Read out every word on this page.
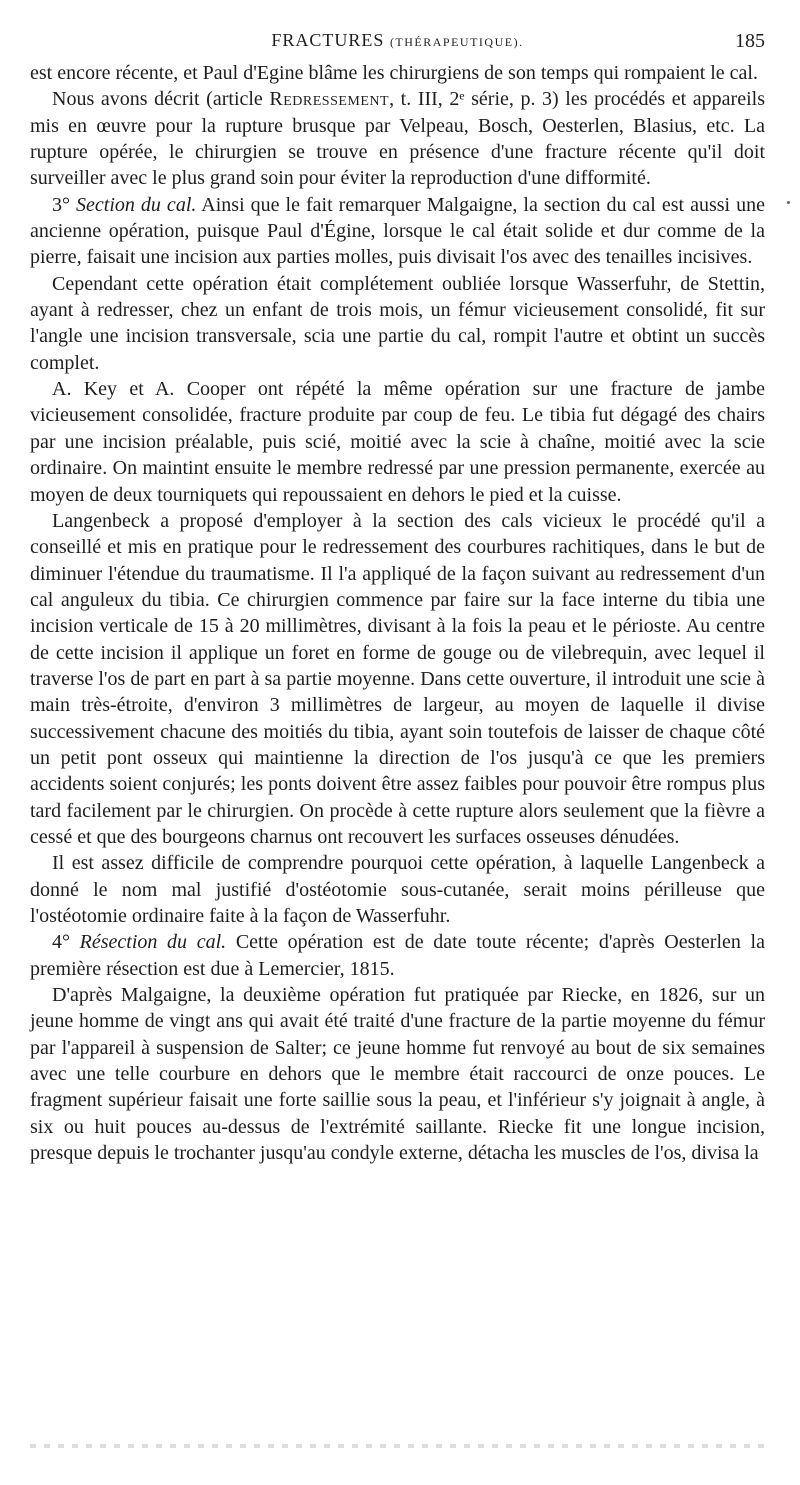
FRACTURES (THÉRAPEUTIQUE).	185

est encore récente, et Paul d'Egine blâme les chirurgiens de son temps qui rompaient le cal.

Nous avons décrit (article Redressement, t. III, 2ᵉ série, p. 3) les procédés et appareils mis en œuvre pour la rupture brusque par Velpeau, Bosch, Oesterlen, Blasius, etc. La rupture opérée, le chirurgien se trouve en présence d'une fracture récente qu'il doit surveiller avec le plus grand soin pour éviter la reproduction d'une difformité.

3° Section du cal. Ainsi que le fait remarquer Malgaigne, la section du cal est aussi une ancienne opération, puisque Paul d'Égine, lorsque le cal était solide et dur comme de la pierre, faisait une incision aux parties molles, puis divisait l'os avec des tenailles incisives.

Cependant cette opération était complétement oubliée lorsque Wasserfuhr, de Stettin, ayant à redresser, chez un enfant de trois mois, un fémur vicieusement consolidé, fit sur l'angle une incision transversale, scia une partie du cal, rompit l'autre et obtint un succès complet.

A. Key et A. Cooper ont répété la même opération sur une fracture de jambe vicieusement consolidée, fracture produite par coup de feu. Le tibia fut dégagé des chairs par une incision préalable, puis scié, moitié avec la scie à chaîne, moitié avec la scie ordinaire. On maintint ensuite le membre redressé par une pression permanente, exercée au moyen de deux tourniquets qui repoussaient en dehors le pied et la cuisse.

Langenbeck a proposé d'employer à la section des cals vicieux le procédé qu'il a conseillé et mis en pratique pour le redressement des courbures rachitiques, dans le but de diminuer l'étendue du traumatisme. Il l'a appliqué de la façon suivant au redressement d'un cal anguleux du tibia. Ce chirurgien commence par faire sur la face interne du tibia une incision verticale de 15 à 20 millimètres, divisant à la fois la peau et le périoste. Au centre de cette incision il applique un foret en forme de gouge ou de vilebrequin, avec lequel il traverse l'os de part en part à sa partie moyenne. Dans cette ouverture, il introduit une scie à main très-étroite, d'environ 3 millimètres de largeur, au moyen de laquelle il divise successivement chacune des moitiés du tibia, ayant soin toutefois de laisser de chaque côté un petit pont osseux qui maintienne la direction de l'os jusqu'à ce que les premiers accidents soient conjurés; les ponts doivent être assez faibles pour pouvoir être rompus plus tard facilement par le chirurgien. On procède à cette rupture alors seulement que la fièvre a cessé et que des bourgeons charnus ont recouvert les surfaces osseuses dénudées.

Il est assez difficile de comprendre pourquoi cette opération, à laquelle Langenbeck a donné le nom mal justifié d'ostéotomie sous-cutanée, serait moins périlleuse que l'ostéotomie ordinaire faite à la façon de Wasserfuhr.

4° Résection du cal. Cette opération est de date toute récente; d'après Oesterlen la première résection est due à Lemercier, 1815.

D'après Malgaigne, la deuxième opération fut pratiquée par Riecke, en 1826, sur un jeune homme de vingt ans qui avait été traité d'une fracture de la partie moyenne du fémur par l'appareil à suspension de Salter; ce jeune homme fut renvoyé au bout de six semaines avec une telle courbure en dehors que le membre était raccourci de onze pouces. Le fragment supérieur faisait une forte saillie sous la peau, et l'inférieur s'y joignait à angle, à six ou huit pouces au-dessus de l'extrémité saillante. Riecke fit une longue incision, presque depuis le trochanter jusqu'au condyle externe, détacha les muscles de l'os, divisa la
